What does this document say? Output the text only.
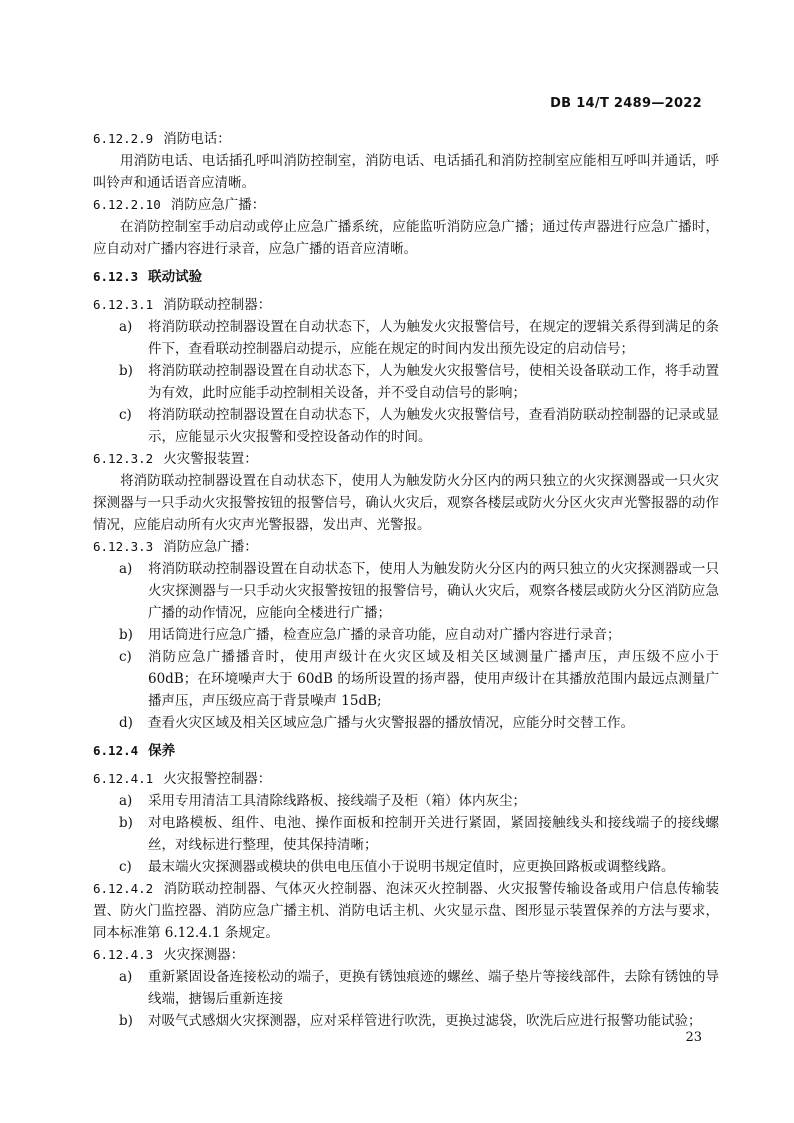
DB 14/T 2489—2022
6.12.2.9 消防电话：
用消防电话、电话插孔呼叫消防控制室，消防电话、电话插孔和消防控制室应能相互呼叫并通话，呼叫铃声和通话语音应清晰。
6.12.2.10 消防应急广播：
在消防控制室手动启动或停止应急广播系统，应能监听消防应急广播；通过传声器进行应急广播时，应自动对广播内容进行录音，应急广播的语音应清晰。
6.12.3 联动试验
6.12.3.1 消防联动控制器：
a)	将消防联动控制器设置在自动状态下，人为触发火灾报警信号，在规定的逻辑关系得到满足的条件下，查看联动控制器启动提示，应能在规定的时间内发出预先设定的启动信号；
b)	将消防联动控制器设置在自动状态下，人为触发火灾报警信号，使相关设备联动工作，将手动置为有效，此时应能手动控制相关设备，并不受自动信号的影响；
c)	将消防联动控制器设置在自动状态下，人为触发火灾报警信号，查看消防联动控制器的记录或显示，应能显示火灾报警和受控设备动作的时间。
6.12.3.2 火灾警报装置：
将消防联动控制器设置在自动状态下，使用人为触发防火分区内的两只独立的火灾探测器或一只火灾探测器与一只手动火灾报警按钮的报警信号，确认火灾后，观察各楼层或防火分区火灾声光警报器的动作情况，应能启动所有火灾声光警报器，发出声、光警报。
6.12.3.3 消防应急广播：
a)	将消防联动控制器设置在自动状态下，使用人为触发防火分区内的两只独立的火灾探测器或一只火灾探测器与一只手动火灾报警按钮的报警信号，确认火灾后，观察各楼层或防火分区消防应急广播的动作情况，应能向全楼进行广播；
b)	用话筒进行应急广播，检查应急广播的录音功能，应自动对广播内容进行录音；
c)	消防应急广播播音时，使用声级计在火灾区域及相关区域测量广播声压，声压级不应小于 60dB；在环境噪声大于 60dB 的场所设置的扬声器，使用声级计在其播放范围内最远点测量广播声压，声压级应高于背景噪声 15dB;
d)	查看火灾区域及相关区域应急广播与火灾警报器的播放情况，应能分时交替工作。
6.12.4 保养
6.12.4.1 火灾报警控制器：
a)	采用专用清洁工具清除线路板、接线端子及柜（箱）体内灰尘；
b)	对电路模板、组件、电池、操作面板和控制开关进行紧固，紧固接触线头和接线端子的接线螺丝，对线标进行整理，使其保持清晰；
c)	最末端火灾探测器或模块的供电电压值小于说明书规定值时，应更换回路板或调整线路。
6.12.4.2 消防联动控制器、气体灭火控制器、泡沫灭火控制器、火灾报警传输设备或用户信息传输装置、防火门监控器、消防应急广播主机、消防电话主机、火灾显示盘、图形显示装置保养的方法与要求，同本标准第 6.12.4.1 条规定。
6.12.4.3 火灾探测器：
a)	重新紧固设备连接松动的端子，更换有锈蚀痕迹的螺丝、端子垫片等接线部件，去除有锈蚀的导线端，搪锡后重新连接
b)	对吸气式感烟火灾探测器，应对采样管进行吹洗，更换过滤袋，吹洗后应进行报警功能试验；
23
